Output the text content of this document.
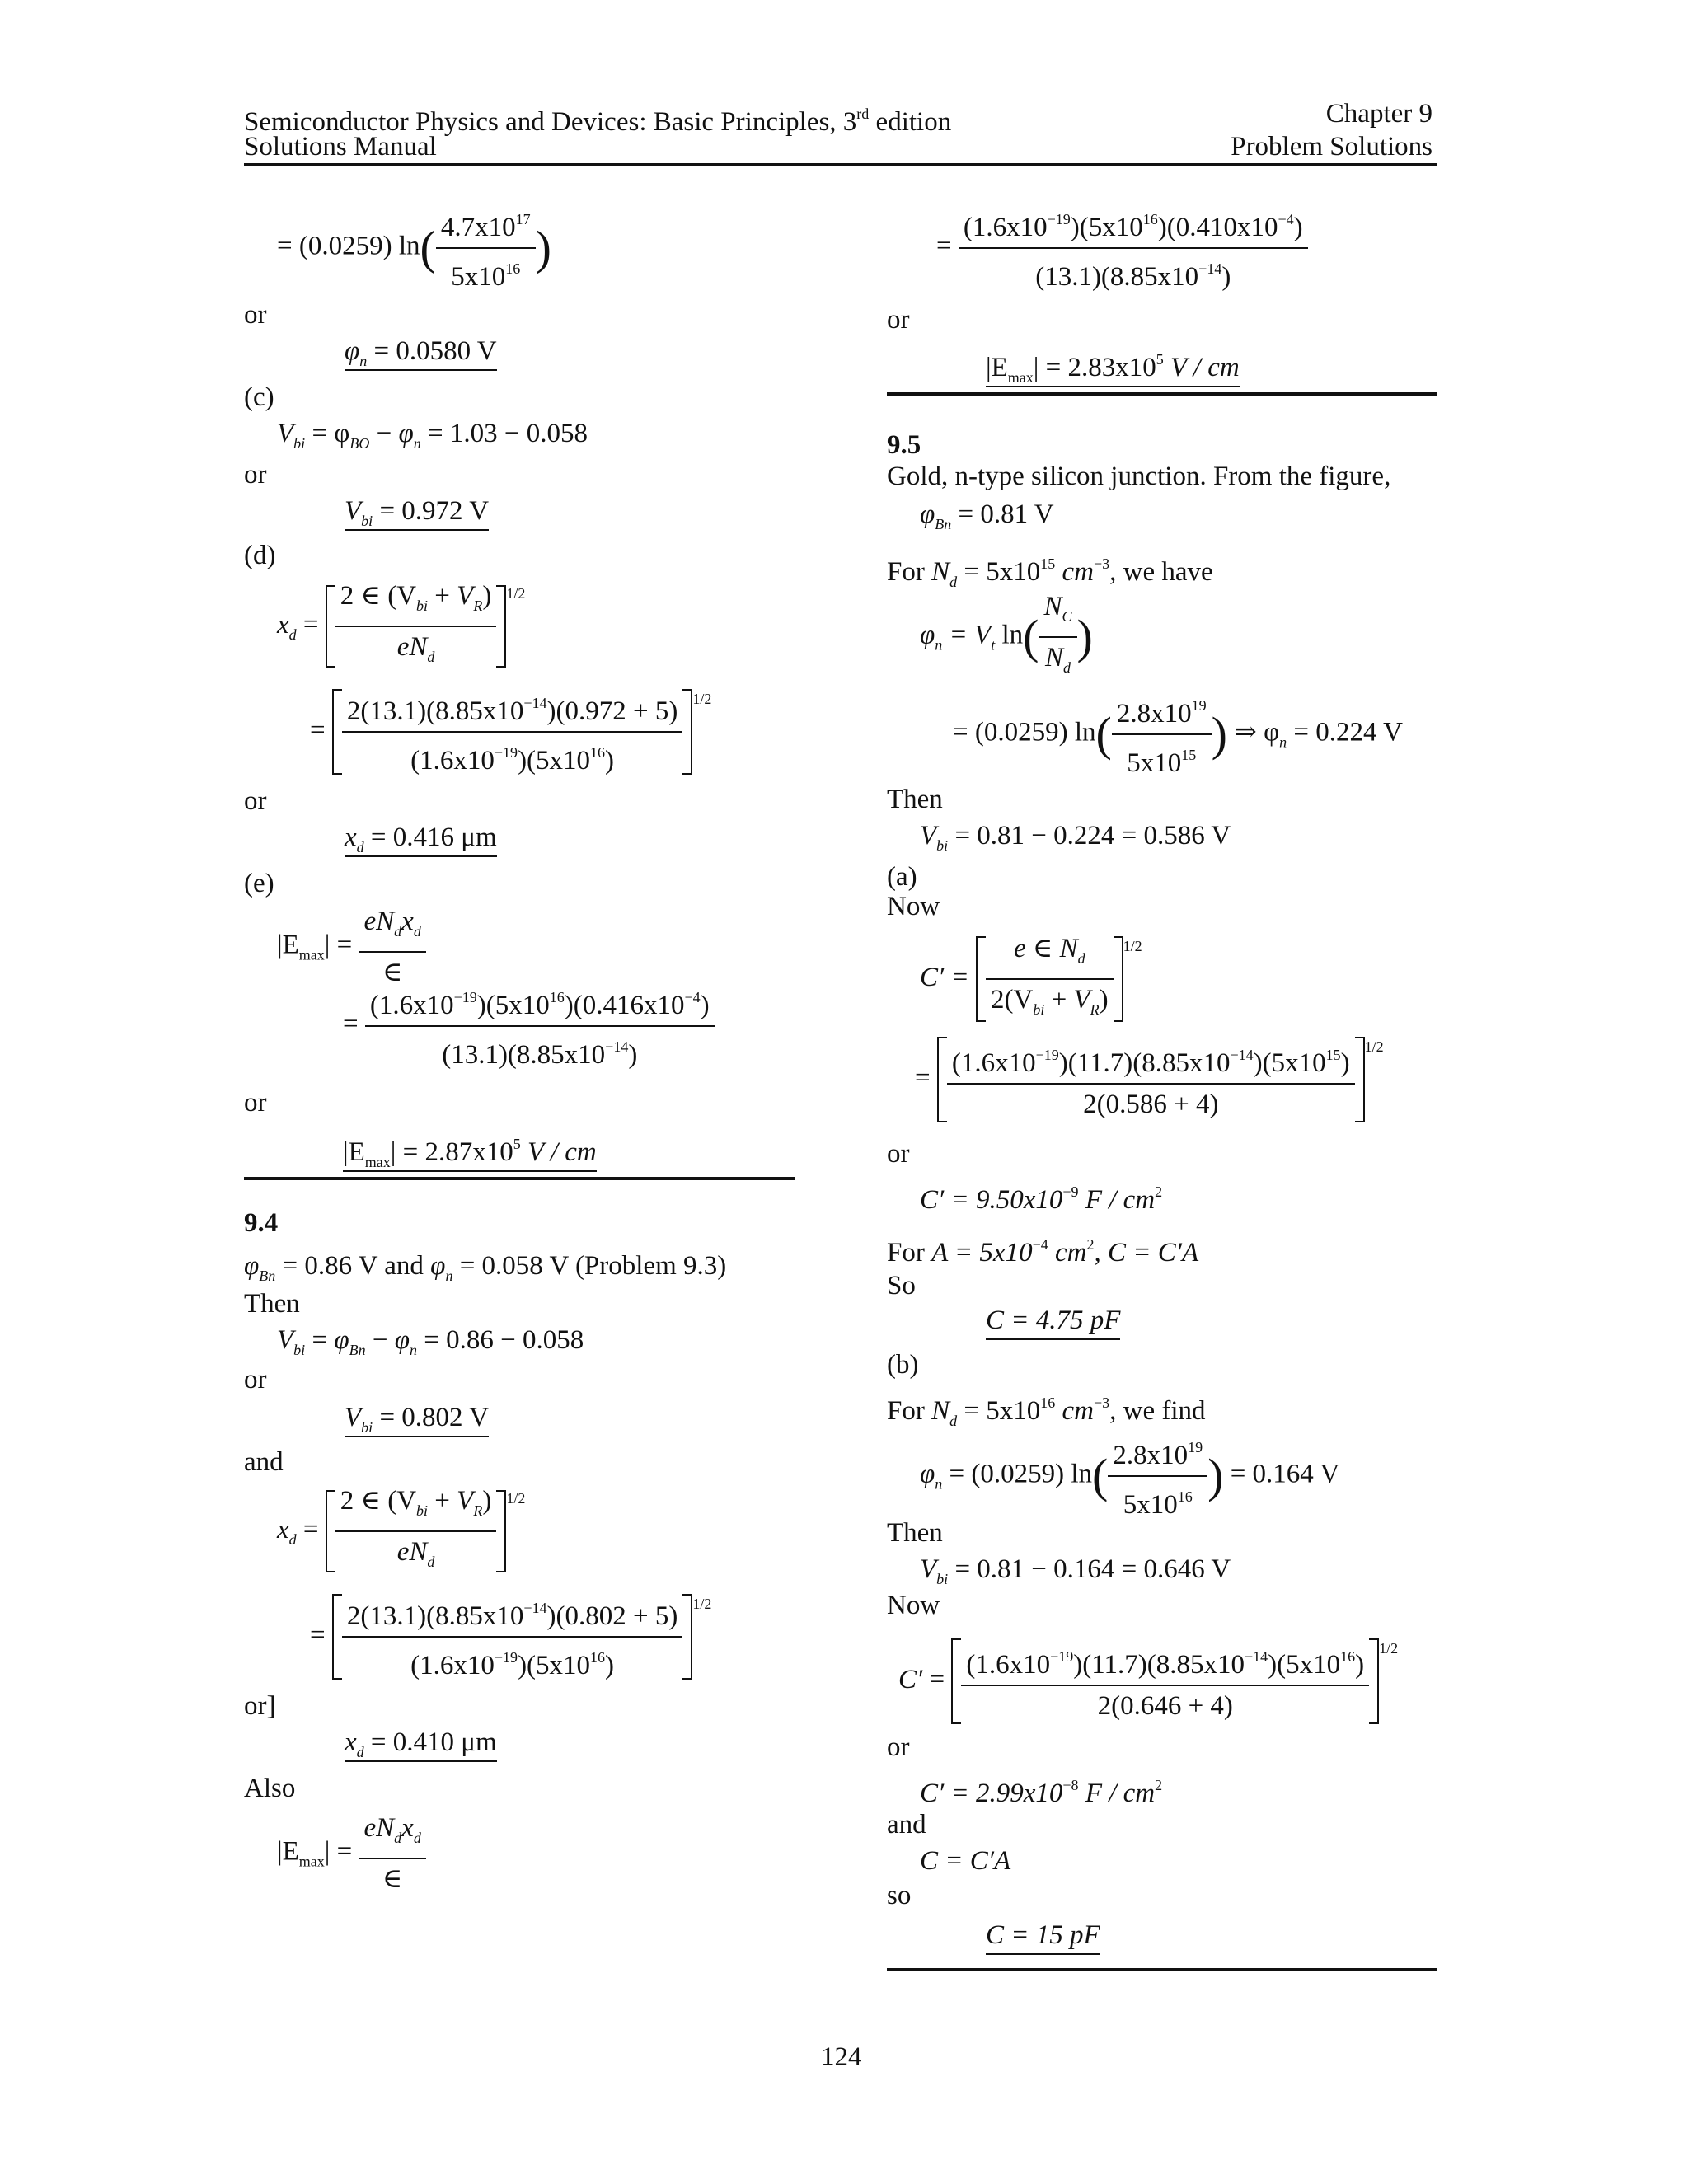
Semiconductor Physics and Devices: Basic Principles, 3rd edition
Solutions Manual
Chapter 9
Problem Solutions
= (0.0259) $\ln( \frac{4.7x10^{17}}{5x10^{16}}$ )
or
$\varphi_n = 0.0580$ V
(c)
$V_{bi} = \varphi_{BO} - \varphi_n = 1.03 - 0.058$
or
$V_{bi} = 0.972$ V
(d)
$x_d = \frac{2 \in (V_{bi} + V_R)}{eN_d} ^{1/2}$
= $\frac{2(13.1)(8.85x10^{-14})(0.972 + 5)}{(1.6x10^{-19})(5x10^{16})} ^{1/2}$
or
$x_d = 0.416$ μm
(e)
$|E_{max}| = \frac{eN_dx_d}{\in}$
= $\frac{(1.6x10^{-19})(5x10^{16})(0.416x10^{-4})}{(13.1)(8.85x10^{-14})}$
or
$|E_{max}| = 2.87x10^5$ V / cm
9.4
$\varphi_{Bn} = 0.86$ V and $\varphi_n = 0.058$ V (Problem 9.3)
Then
$V_{bi} = \varphi_{Bn} - \varphi_n = 0.86 - 0.058$
or
$V_{bi} = 0.802$ V
and
$x_d = \frac{2 \in (V_{bi} + V_R)}{eN_d} ^{1/2}$
= $\frac{2(13.1)(8.85x10^{-14})(0.802 + 5)}{(1.6x10^{-19})(5x10^{16})} ^{1/2}$
or]
$x_d = 0.410$ μm
Also
$|E_{max}| = \frac{eN_dx_d}{\in}$
= $\frac{(1.6x10^{-19})(5x10^{16})(0.410x10^{-4})}{(13.1)(8.85x10^{-14})}$
or
$|E_{max}| = 2.83x10^5$ V / cm
9.5
Gold, n-type silicon junction. From the figure,
$\varphi_{Bn} = 0.81$ V
For $N_d = 5x10^{15}$ $cm^{-3}$, we have
$\varphi_n = V_t$ $\ln( \frac{N_C}{N_d}$ )
= (0.0259) $\ln( \frac{2.8x10^{19}}{5x10^{15}}$ ) ⇒ $\varphi_n = 0.224$ V
Then
$V_{bi} = 0.81 - 0.224 = 0.586$ V
(a)
Now
$C' = \frac{e \in N_d}{2(V_{bi} + V_R)} ^{1/2}$
= $\frac{(1.6x10^{-19})(11.7)(8.85x10^{-14})(5x10^{15})}{2(0.586 + 4)} ^{1/2}$
or
$C' = 9.50x10^{-9}$ F / $cm^2$
For $A = 5x10^{-4}$ $cm^2$, C = C′A
So
C = 4.75 pF
(b)
For $N_d = 5x10^{16}$ $cm^{-3}$, we find
$\varphi_n = (0.0259)$ $\ln( \frac{2.8x10^{19}}{5x10^{16}}$ ) = 0.164 V
Then
$V_{bi} = 0.81 - 0.164 = 0.646$ V
Now
$C' = \frac{(1.6x10^{-19})(11.7)(8.85x10^{-14})(5x10^{16})}{2(0.646 + 4)} ^{1/2}$
or
$C' = 2.99x10^{-8}$ F / $cm^2$
and
C = C′A
so
C = 15 pF
124
